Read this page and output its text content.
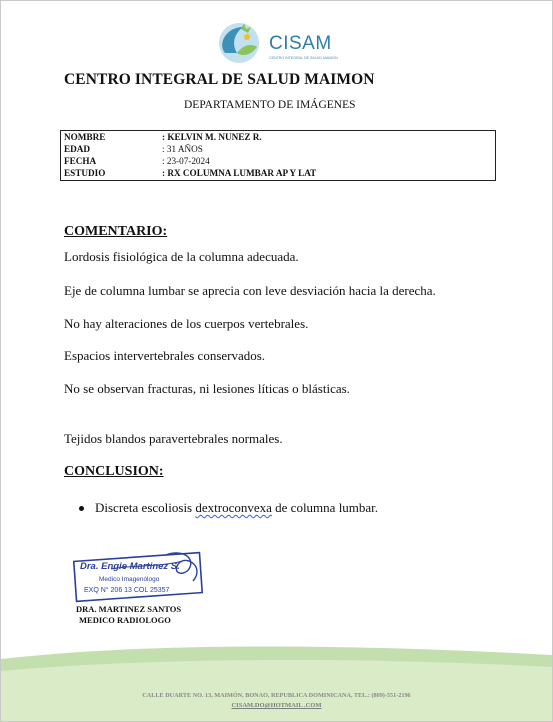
CISAM
CENTRO INTEGRAL DE SALUD MAIMON
CENTRO INTEGRAL DE SALUD MAIMON
DEPARTAMENTO DE IMÁGENES
NOMBRE	: KELVIN M. NUNEZ R.
EDAD	: 31 AÑOS
FECHA	: 23-07-2024
ESTUDIO	: RX COLUMNA LUMBAR AP Y LAT
COMENTARIO:
Lordosis fisiológica de la columna adecuada.
Eje de columna lumbar se aprecia con leve desviación hacia la derecha.
No hay alteraciones de los cuerpos vertebrales.
Espacios intervertebrales conservados.
No se observan fracturas, ni lesiones líticas o blásticas.
Tejidos blandos paravertebrales normales.
CONCLUSION:
Discreta escoliosis dextroconvexa de columna lumbar.
Dra. Engie Martinez S.
Medico Imagenólogo
EXQ N° 206 13 COL 25357
DRA. MARTINEZ SANTOS
MEDICO RADIOLOGO
CALLE DUARTE NO. 13, MAIMÓN, BONAO, REPUBLICA DOMINICANA, TEL.: (809)-551-2196
CISAM.DO@HOTMAIL .COM
